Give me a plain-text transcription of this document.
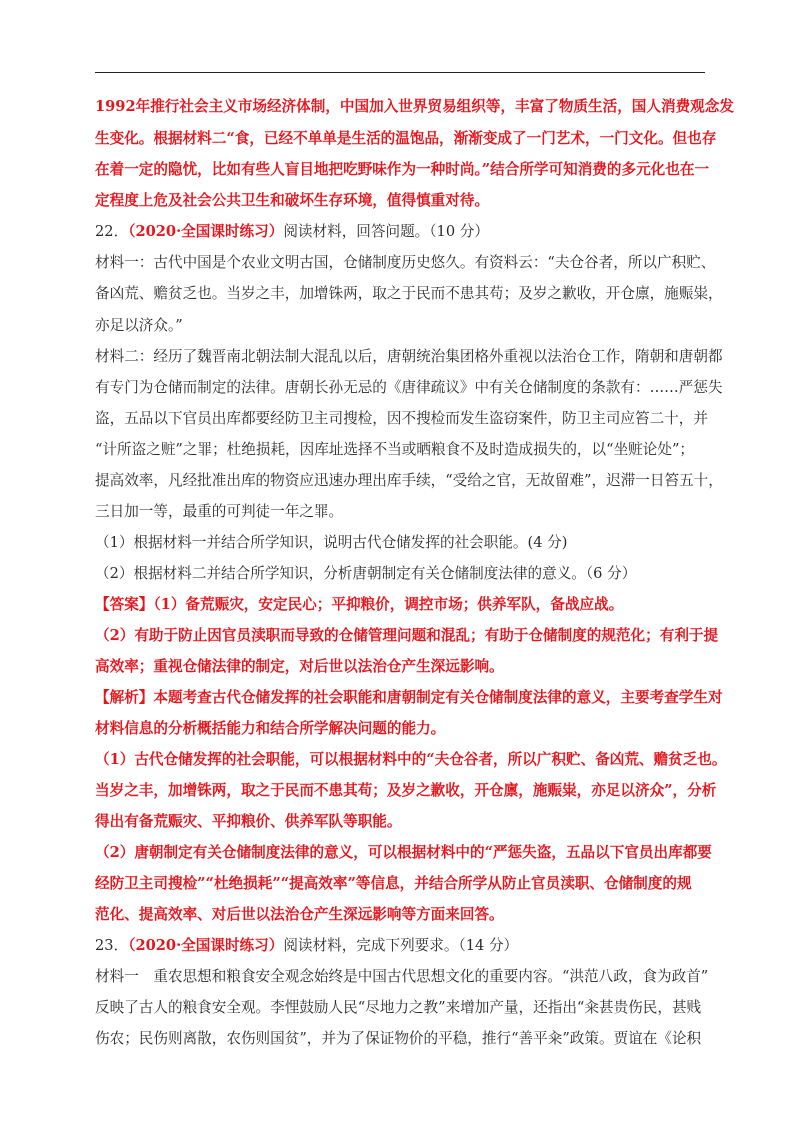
1992年推行社会主义市场经济体制，中国加入世界贸易组织等，丰富了物质生活，国人消费观念发
生变化。根据材料二“食，已经不单单是生活的温饱品，渐渐变成了一门艺术，一门文化。但也存
在着一定的隐忧，比如有些人盲目地把吃野味作为一种时尚。”结合所学可知消费的多元化也在一
定程度上危及社会公共卫生和破坏生存环境，值得慎重对待。
22．（2020·全国课时练习）阅读材料，回答问题。（10 分）
材料一：古代中国是个农业文明古国，仓储制度历史悠久。有资料云：“夫仓谷者，所以广积贮、
备凶荒、赡贫乏也。当岁之丰，加增铢两，取之于民而不患其苟；及岁之歉收，开仓廪，施赈粜，
亦足以济众。”
材料二：经历了魏晋南北朝法制大混乱以后，唐朝统治集团格外重视以法治仓工作，隋朝和唐朝都
有专门为仓储而制定的法律。唐朝长孙无忌的《唐律疏议》中有关仓储制度的条款有：……严惩失
盗，五品以下官员出库都要经防卫主司搜检，因不搜检而发生盗窃案件，防卫主司应笞二十，并
“计所盗之赃”之罪；杜绝损耗，因库址选择不当或晒粮食不及时造成损失的，以“坐赃论处”；
提高效率，凡经批准出库的物资应迅速办理出库手续，“受给之官，无故留难”，迟滞一日笞五十，
三日加一等，最重的可判徒一年之罪。
（1）根据材料一并结合所学知识，说明古代仓储发挥的社会职能。(4 分)
（2）根据材料二并结合所学知识，分析唐朝制定有关仓储制度法律的意义。（6 分）
【答案】（1）备荒赈灾，安定民心；平抑粮价，调控市场；供养军队，备战应战。
（2）有助于防止因官员渎职而导致的仓储管理问题和混乱；有助于仓储制度的规范化；有利于提
高效率；重视仓储法律的制定，对后世以法治仓产生深远影响。
【解析】本题考查古代仓储发挥的社会职能和唐朝制定有关仓储制度法律的意义，主要考查学生对
材料信息的分析概括能力和结合所学解决问题的能力。
（1）古代仓储发挥的社会职能，可以根据材料中的“夫仓谷者，所以广积贮、备凶荒、赡贫乏也。
当岁之丰，加增铢两，取之于民而不患其苟；及岁之歉收，开仓廪，施赈粜，亦足以济众”，分析
得出有备荒赈灾、平抑粮价、供养军队等职能。
（2）唐朝制定有关仓储制度法律的意义，可以根据材料中的“严惩失盗，五品以下官员出库都要
经防卫主司搜检”“杜绝损耗”“提高效率”等信息，并结合所学从防止官员渎职、仓储制度的规
范化、提高效率、对后世以法治仓产生深远影响等方面来回答。
23．（2020·全国课时练习）阅读材料，完成下列要求。（14 分）
材料一　重农思想和粮食安全观念始终是中国古代思想文化的重要内容。“洪范八政，食为政首”
反映了古人的粮食安全观。李悝鼓励人民“尽地力之教”来增加产量，还指出“籴甚贵伤民，甚贱
伤农；民伤则离散，农伤则国贫”，并为了保证物价的平稳，推行“善平籴”政策。贾谊在《论积
